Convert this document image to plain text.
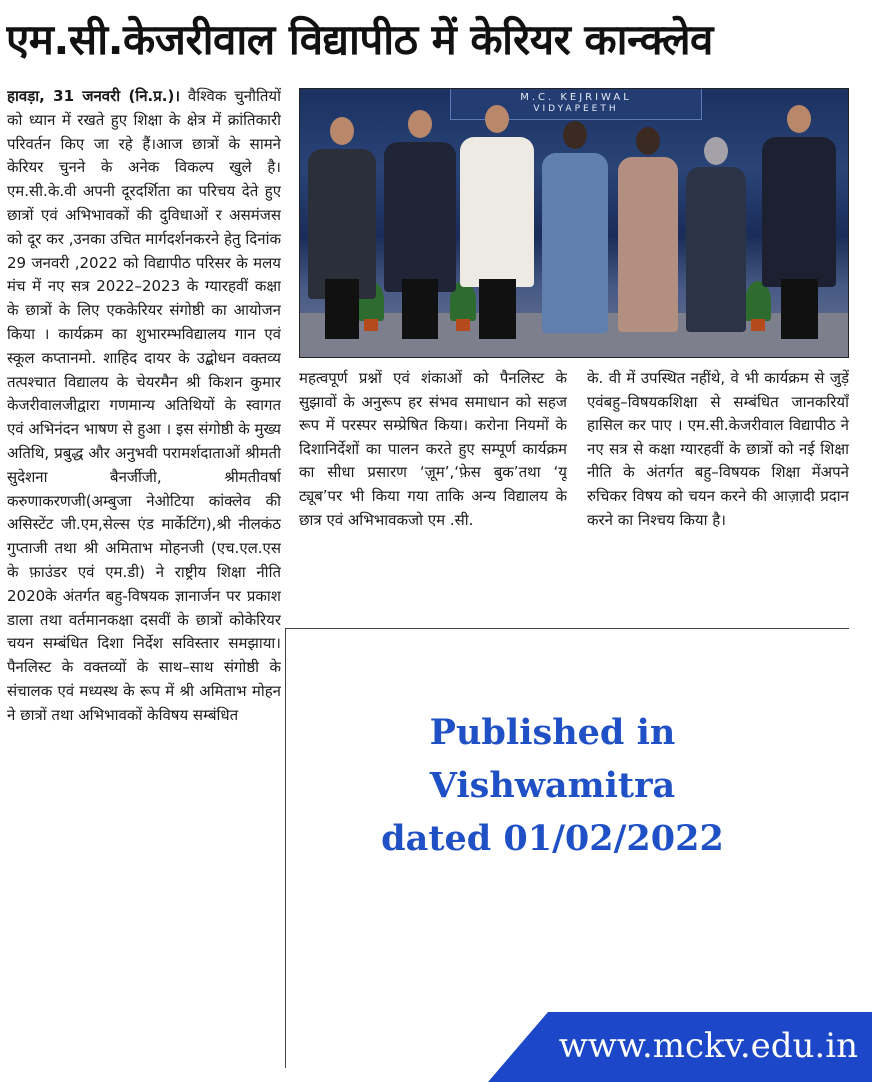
एम.सी.केजरीवाल विद्यापीठ में केरियर कान्क्लेव
हावड़ा, 31 जनवरी (नि.प्र.)। वैश्विक चुनौतियों को ध्यान में रखते हुए शिक्षा के क्षेत्र में क्रांतिकारी परिवर्तन किए जा रहे हैं।आज छात्रों के सामने केरियर चुनने के अनेक विकल्प खुले है। एम.सी.के.वी अपनी दूरदर्शिता का परिचय देते हुए छात्रों एवं अभिभावकों की दुविधाओं र असमंजस को दूर कर ,उनका उचित मार्गदर्शनकरने हेतु दिनांक 29 जनवरी ,2022 को विद्यापीठ परिसर के मलय मंच में नए सत्र 2022–2023 के ग्यारहवीं कक्षा के छात्रों के लिए एककेरियर संगोष्ठी का आयोजन किया । कार्यक्रम का शुभारम्भविद्यालय गान एवं स्कूल कप्तानमो. शाहिद दायर के उद्बोधन वक्तव्य तत्पश्चात विद्यालय के चेयरमैन श्री किशन कुमार केजरीवालजीद्वारा गणमान्य अतिथियों के स्वागत एवं अभिनंदन भाषण से हुआ । इस संगोष्ठी के मुख्य अतिथि, प्रबुद्ध और अनुभवी परामर्शदाताओं श्रीमती सुदेशना बैनर्जीजी, श्रीमतीवर्षा करुणाकरणजी(अम्बुजा नेओटिया कांक्लेव की असिस्टेंट जी.एम,सेल्स एंड मार्केटिंग),श्री नीलकंठ गुप्ताजी तथा श्री अमिताभ मोहनजी (एच.एल.एस के फ़ाउंडर एवं एम.डी) ने राष्ट्रीय शिक्षा नीति 2020के अंतर्गत बहु-विषयक ज्ञानार्जन पर प्रकाश डाला तथा वर्तमानकक्षा दसवीं के छात्रों कोकेरियर चयन सम्बंधित दिशा निर्देश सविस्तार समझाया। पैनलिस्ट के वक्तव्यों के साथ–साथ संगोष्ठी के संचालक एवं मध्यस्थ के रूप में श्री अमिताभ मोहन ने छात्रों तथा अभिभावकों केविषय सम्बंधित
M.C. KEJRIWAL
VIDYAPEETH
महत्वपूर्ण प्रश्नों एवं शंकाओं को पैनलिस्ट के सुझावों के अनुरूप हर संभव समाधान को सहज रूप में परस्पर सम्प्रेषित किया। करोना नियमों के दिशानिर्देशों का पालन करते हुए सम्पूर्ण कार्यक्रम का सीधा प्रसारण ‘ज़ूम’,‘फ़ेस बुक’तथा ‘यू ट्यूब’पर भी किया गया ताकि अन्य विद्यालय के छात्र एवं अभिभावकजो एम .सी.
के. वी में उपस्थित नहींथे, वे भी कार्यक्रम से जुड़ें एवंबहु–विषयकशिक्षा से सम्बंधित जानकरियाँ हासिल कर पाए । एम.सी.केजरीवाल विद्यापीठ ने नए सत्र से कक्षा ग्यारहवीं के छात्रों को नई शिक्षा नीति के अंतर्गत बहु–विषयक शिक्षा मेंअपने रुचिकर विषय को चयन करने की आज़ादी प्रदान करने का निश्चय किया है।
Published in
Vishwamitra
dated 01/02/2022
www.mckv.edu.in
